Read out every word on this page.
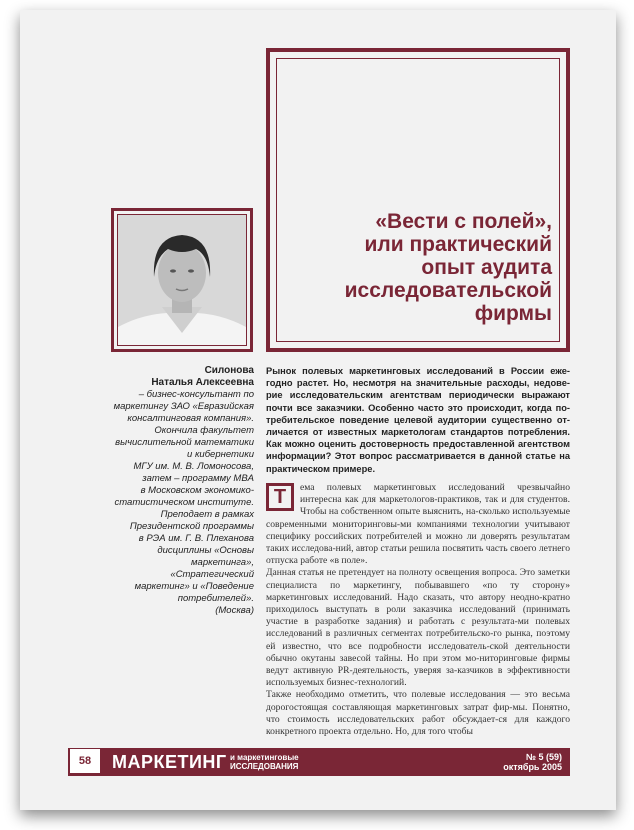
«Вести с полей»,
или практический
опыт аудита
исследовательской
фирмы
Силонова
Наталья Алексеевна
– бизнес-консультант по
маркетингу ЗАО «Евразийская
консалтинговая компания».
Окончила факультет
вычислительной математики
и кибернетики
МГУ им. М. В. Ломоносова,
затем – программу MBA
в Московском экономико-
статистическом институте.
Преподает в рамках
Президентской программы
в РЭА им. Г. В. Плеханова
дисциплины «Основы
маркетинга», «Стратегический
маркетинг» и «Поведение
потребителей».
(Москва)
Рынок полевых маркетинговых исследований в России еже-годно растет. Но, несмотря на значительные расходы, недове-рие исследовательским агентствам периодически выражают почти все заказчики. Особенно часто это происходит, когда по-требительское поведение целевой аудитории существенно от-личается от известных маркетологам стандартов потребления. Как можно оценить достоверность предоставленной агентством информации? Этот вопрос рассматривается в данной статье на практическом примере.
Т	ема полевых маркетинговых исследований чрезвычайно интересна как для маркетологов-практиков, так и для студентов. Чтобы на собственном опыте выяснить, на-сколько используемые современными мониторинговы-ми компаниями технологии учитывают специфику российских потребителей и можно ли доверять результатам таких исследова-ний, автор статьи решила посвятить часть своего летнего отпуска работе «в поле».

Данная статья не претендует на полноту освещения вопроса. Это заметки специалиста по маркетингу, побывавшего «по ту сторону» маркетинговых исследований. Надо сказать, что автору неодно-кратно приходилось выступать в роли заказчика исследований (принимать участие в разработке задания) и работать с результата-ми полевых исследований в различных сегментах потребительско-го рынка, поэтому ей известно, что все подробности исследователь-ской деятельности обычно окутаны завесой тайны. Но при этом мо-ниторинговые фирмы ведут активную PR-деятельность, уверяя за-казчиков в эффективности используемых бизнес-технологий.

Также необходимо отметить, что полевые исследования — это весьма дорогостоящая составляющая маркетинговых затрат фир-мы. Понятно, что стоимость исследовательских работ обсуждает-ся для каждого конкретного проекта отдельно. Но, для того чтобы

58	МАРКЕТИНГ и маркетинговые
ИССЛЕДОВАНИЯ
№ 5 (59)
октябрь 2005
